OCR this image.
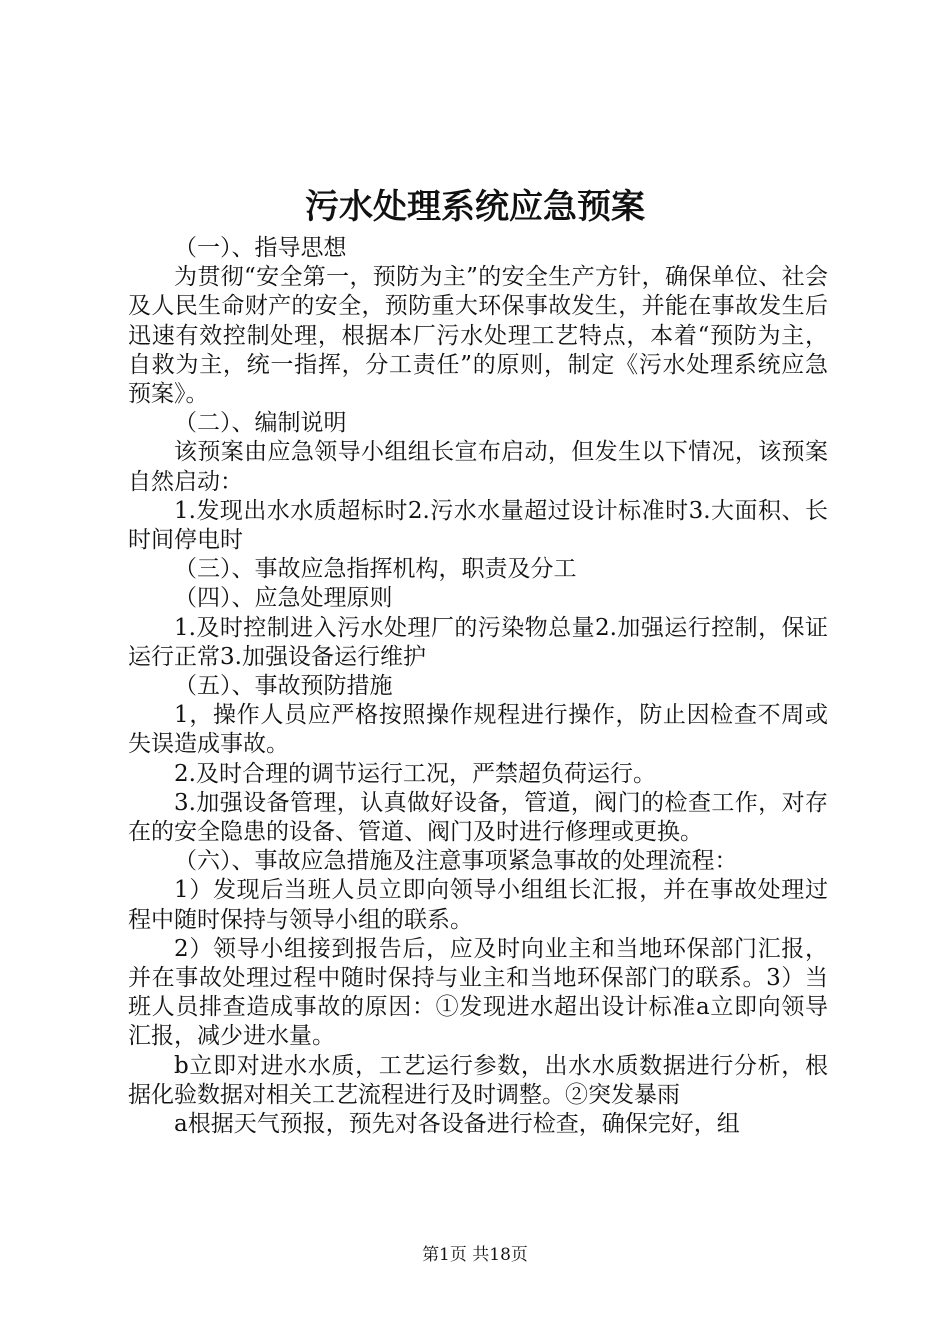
污水处理系统应急预案

（一）、指导思想

为贯彻“安全第一，预防为主”的安全生产方针，确保单位、社会及人民生命财产的安全，预防重大环保事故发生，并能在事故发生后迅速有效控制处理，根据本厂污水处理工艺特点，本着“预防为主，自救为主，统一指挥，分工责任”的原则，制定《污水处理系统应急预案》。

（二）、编制说明

该预案由应急领导小组组长宣布启动，但发生以下情况，该预案自然启动：

1.发现出水水质超标时2.污水水量超过设计标准时3.大面积、长时间停电时

（三）、事故应急指挥机构，职责及分工

（四）、应急处理原则

1.及时控制进入污水处理厂的污染物总量2.加强运行控制，保证运行正常3.加强设备运行维护

（五）、事故预防措施

1，操作人员应严格按照操作规程进行操作，防止因检查不周或失误造成事故。

2.及时合理的调节运行工况，严禁超负荷运行。

3.加强设备管理，认真做好设备，管道，阀门的检查工作，对存在的安全隐患的设备、管道、阀门及时进行修理或更换。

（六）、事故应急措施及注意事项紧急事故的处理流程：

1）发现后当班人员立即向领导小组组长汇报，并在事故处理过程中随时保持与领导小组的联系。

2）领导小组接到报告后，应及时向业主和当地环保部门汇报，并在事故处理过程中随时保持与业主和当地环保部门的联系。3）当班人员排查造成事故的原因：①发现进水超出设计标准a立即向领导汇报，减少进水量。

b立即对进水水质，工艺运行参数，出水水质数据进行分析，根据化验数据对相关工艺流程进行及时调整。②突发暴雨

a根据天气预报，预先对各设备进行检查，确保完好，组

第1页 共18页
